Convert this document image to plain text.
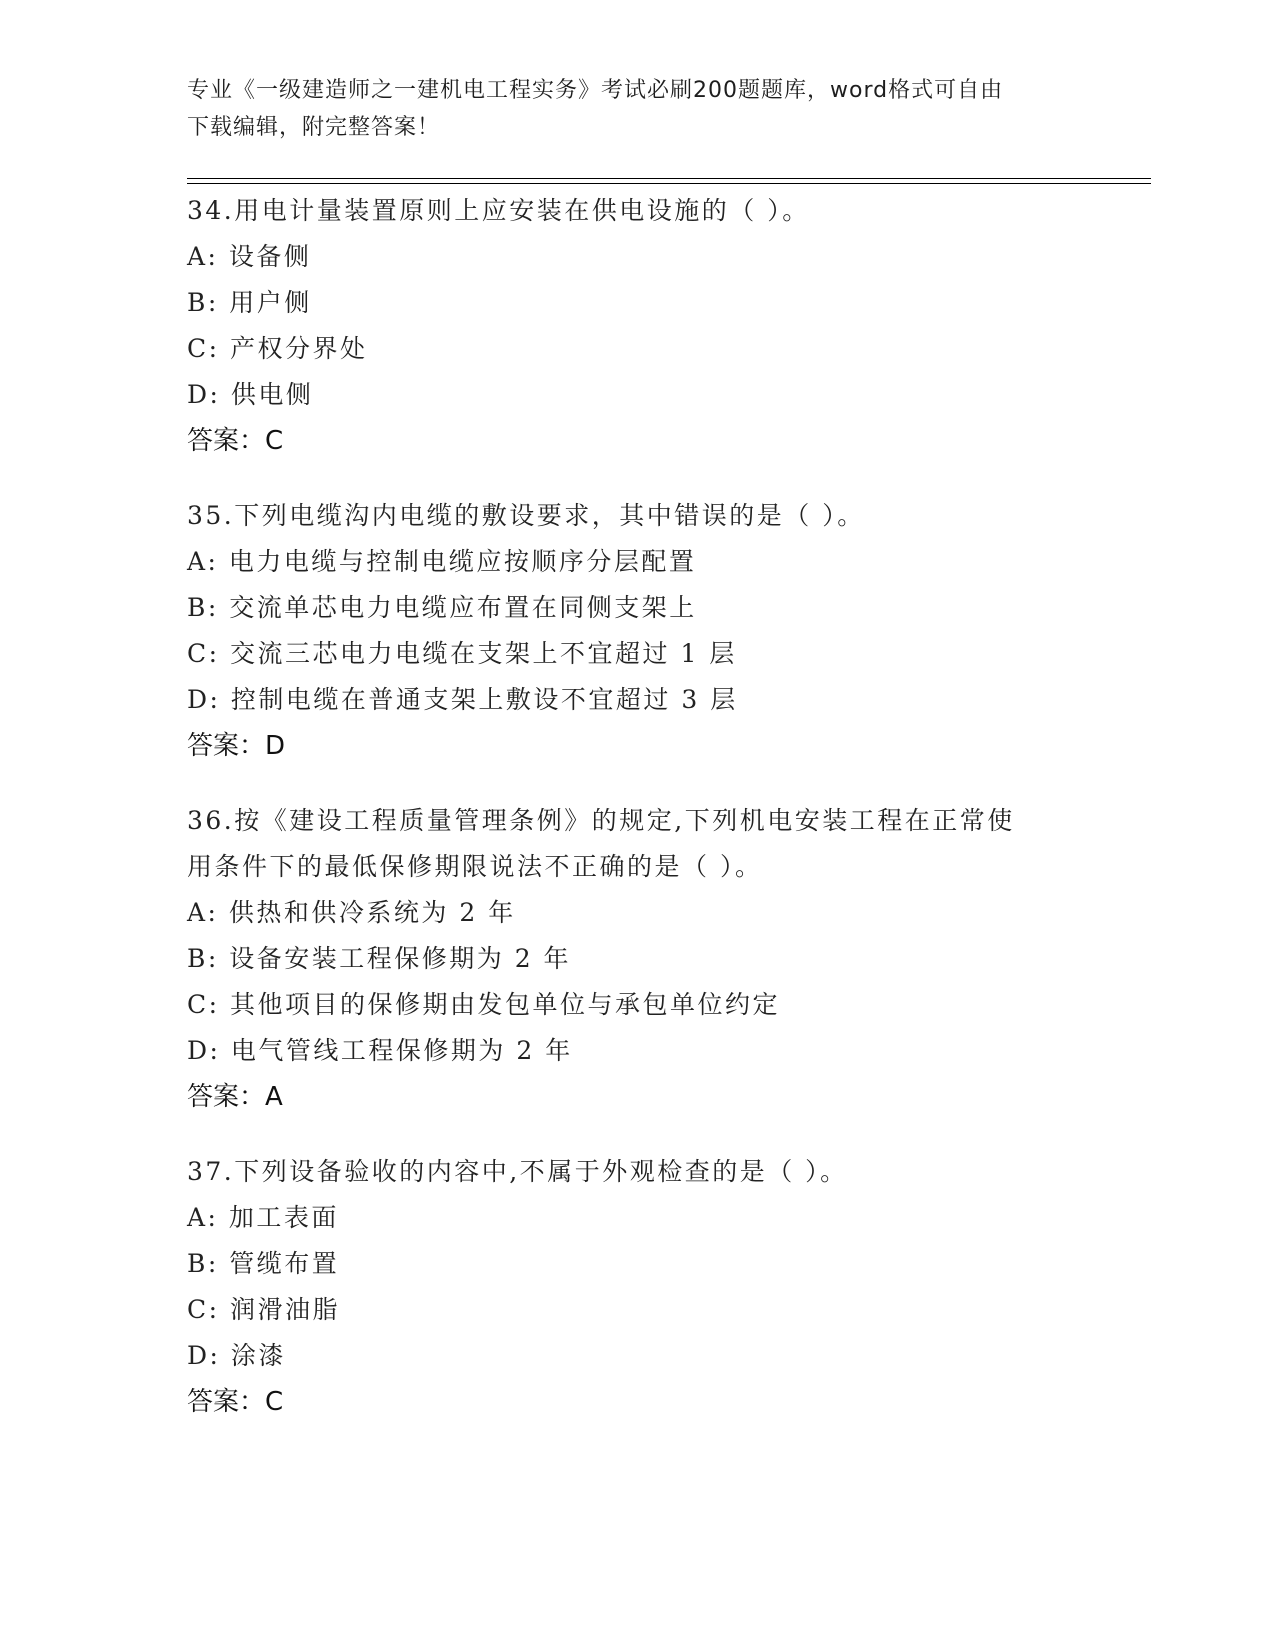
专业《一级建造师之一建机电工程实务》考试必刷200题题库，word格式可自由
下载编辑，附完整答案！
34.用电计量装置原则上应安装在供电设施的（ ）。
A: 设备侧
B: 用户侧
C: 产权分界处
D: 供电侧
答案：C
35.下列电缆沟内电缆的敷设要求，其中错误的是（ ）。
A: 电力电缆与控制电缆应按顺序分层配置
B: 交流单芯电力电缆应布置在同侧支架上
C: 交流三芯电力电缆在支架上不宜超过 1 层
D: 控制电缆在普通支架上敷设不宜超过 3 层
答案：D
36.按《建设工程质量管理条例》的规定,下列机电安装工程在正常使
用条件下的最低保修期限说法不正确的是（ ）。
A: 供热和供冷系统为 2 年
B: 设备安装工程保修期为 2 年
C: 其他项目的保修期由发包单位与承包单位约定
D: 电气管线工程保修期为 2 年
答案：A
37.下列设备验收的内容中,不属于外观检查的是（ ）。
A: 加工表面
B: 管缆布置
C: 润滑油脂
D: 涂漆
答案：C
